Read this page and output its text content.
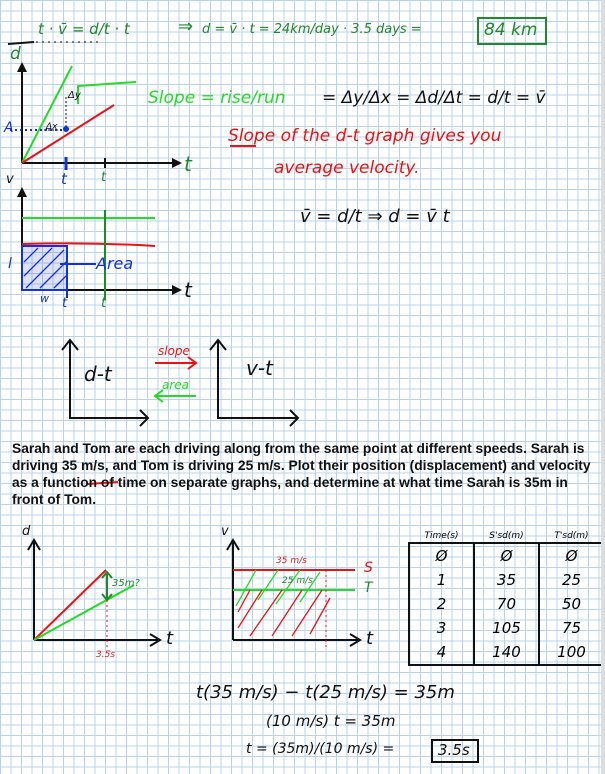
t · v̄ = d/t · t	⇒ d = v̄ · t = 24km/day · 3.5 days =	84 km
d
t
A
Δy
Δx
t	t
Slope = rise/run = Δy/Δx = Δd/Δt = d/t = v̄
Slope of the d-t graph gives you
average velocity.
v
t
l
w
Area
t	t
v̄ = d/t ⇒ d = v̄ t
d-t	v-t
slope
area
Sarah and Tom are each driving along from the same point at different speeds. Sarah is driving 35 m/s, and Tom is driving 25 m/s. Plot their position (displacement) and velocity as a function of time on separate graphs, and determine at what time Sarah is 35m in front of Tom.
d
t
35m?
3.5s
v
t
S
T
35 m/s
25 m/s
Time(s)	S'sd(m)	T'sd(m)
Ø	Ø	Ø
1	35	25
2	70	50
3	105	75
4	140	100
t(35 m/s) − t(25 m/s) = 35m
(10 m/s) t = 35m
t = (35m)/(10 m/s) =	3.5s
